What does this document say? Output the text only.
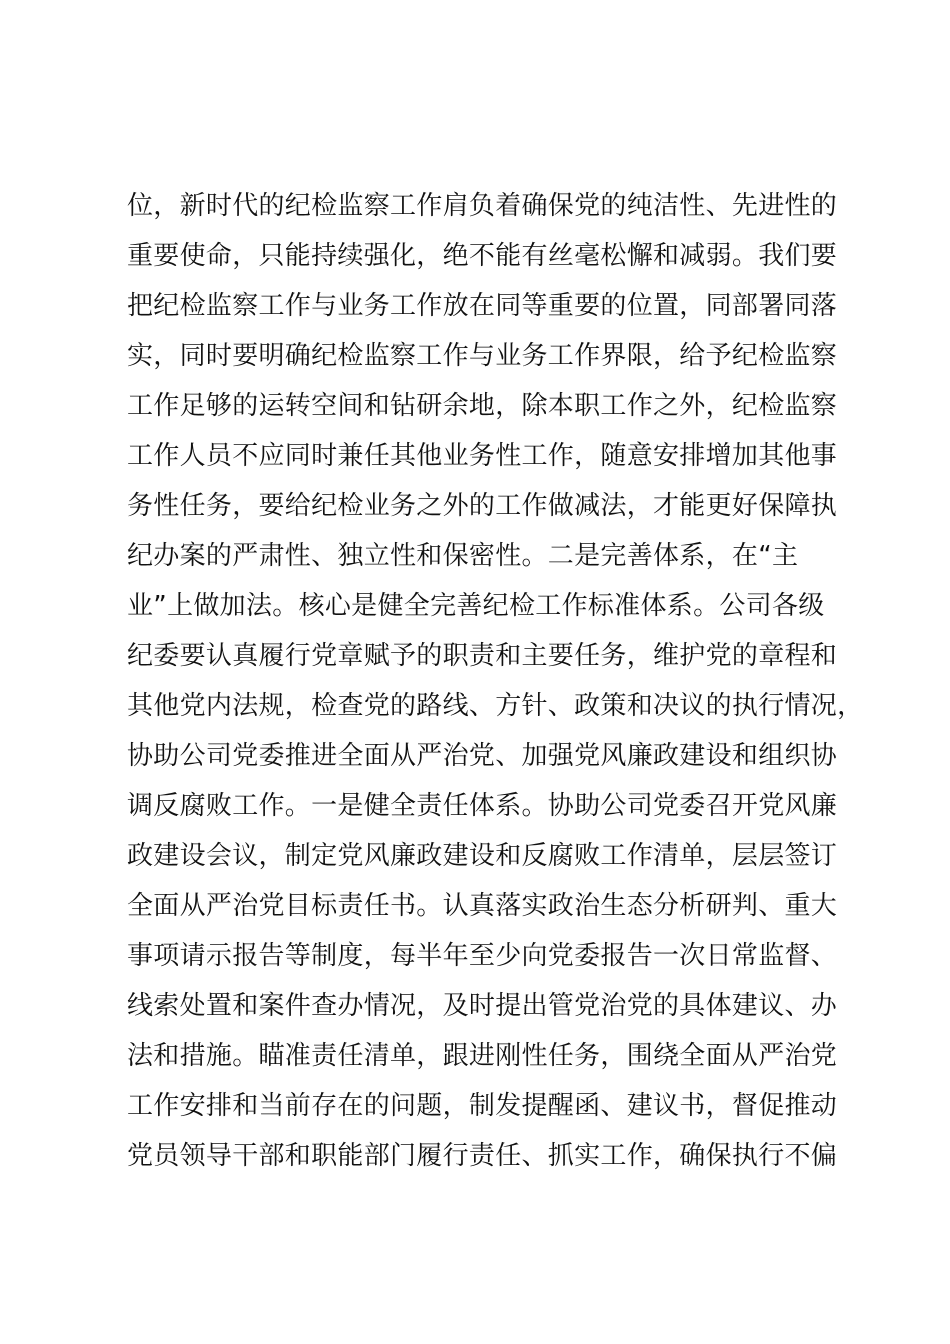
位，新时代的纪检监察工作肩负着确保党的纯洁性、先进性的
重要使命，只能持续强化，绝不能有丝毫松懈和减弱。我们要
把纪检监察工作与业务工作放在同等重要的位置，同部署同落
实，同时要明确纪检监察工作与业务工作界限，给予纪检监察
工作足够的运转空间和钻研余地，除本职工作之外，纪检监察
工作人员不应同时兼任其他业务性工作，随意安排增加其他事
务性任务，要给纪检业务之外的工作做减法，才能更好保障执
纪办案的严肃性、独立性和保密性。二是完善体系，在“主
业”上做加法。核心是健全完善纪检工作标准体系。公司各级
纪委要认真履行党章赋予的职责和主要任务，维护党的章程和
其他党内法规，检查党的路线、方针、政策和决议的执行情况，
协助公司党委推进全面从严治党、加强党风廉政建设和组织协
调反腐败工作。一是健全责任体系。协助公司党委召开党风廉
政建设会议，制定党风廉政建设和反腐败工作清单，层层签订
全面从严治党目标责任书。认真落实政治生态分析研判、重大
事项请示报告等制度，每半年至少向党委报告一次日常监督、
线索处置和案件查办情况，及时提出管党治党的具体建议、办
法和措施。瞄准责任清单，跟进刚性任务，围绕全面从严治党
工作安排和当前存在的问题，制发提醒函、建议书，督促推动
党员领导干部和职能部门履行责任、抓实工作，确保执行不偏
